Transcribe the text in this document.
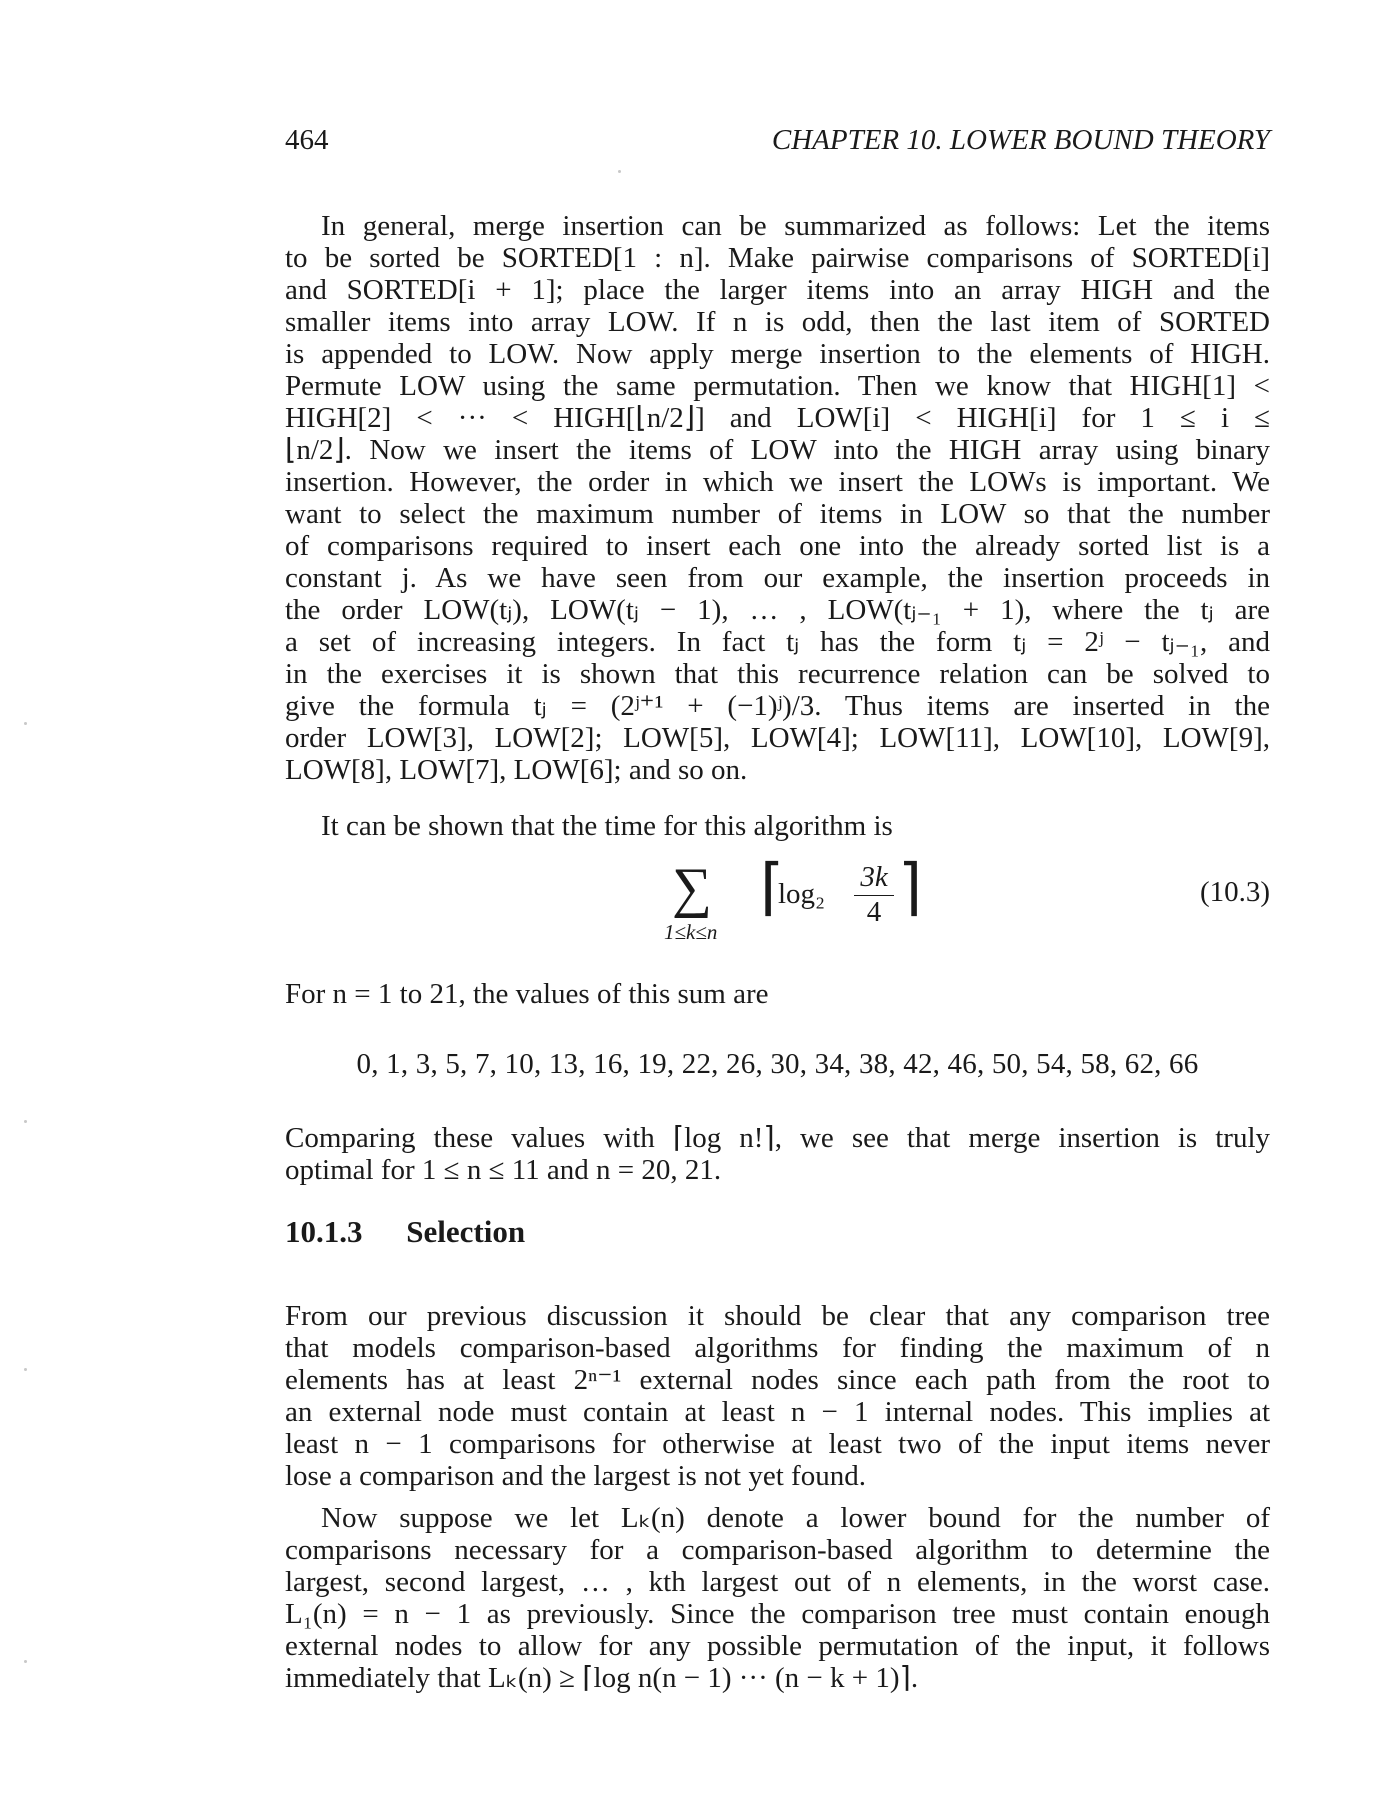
464	CHAPTER 10. LOWER BOUND THEORY
In general, merge insertion can be summarized as follows: Let the items
to be sorted be SORTED[1 : n]. Make pairwise comparisons of SORTED[i]
and SORTED[i + 1]; place the larger items into an array HIGH and the
smaller items into array LOW. If n is odd, then the last item of SORTED
is appended to LOW. Now apply merge insertion to the elements of HIGH.
Permute LOW using the same permutation. Then we know that HIGH[1] <
HIGH[2] < ··· < HIGH[⌊n/2⌋] and LOW[i] < HIGH[i] for 1 ≤ i ≤
⌊n/2⌋. Now we insert the items of LOW into the HIGH array using binary
insertion. However, the order in which we insert the LOWs is important. We
want to select the maximum number of items in LOW so that the number
of comparisons required to insert each one into the already sorted list is a
constant j. As we have seen from our example, the insertion proceeds in
the order LOW(tⱼ), LOW(tⱼ − 1), … , LOW(tⱼ₋₁ + 1), where the tⱼ are
a set of increasing integers. In fact tⱼ has the form tⱼ = 2ʲ − tⱼ₋₁, and
in the exercises it is shown that this recurrence relation can be solved to
give the formula tⱼ = (2ʲ⁺¹ + (−1)ʲ)/3. Thus items are inserted in the
order LOW[3], LOW[2]; LOW[5], LOW[4]; LOW[11], LOW[10], LOW[9],
LOW[8], LOW[7], LOW[6]; and so on.
It can be shown that the time for this algorithm is
∑
1≤k≤n
⌈
log₂
3k
4 ⌉	(10.3)
For n = 1 to 21, the values of this sum are
0, 1, 3, 5, 7, 10, 13, 16, 19, 22, 26, 30, 34, 38, 42, 46, 50, 54, 58, 62, 66
Comparing these values with ⌈log n!⌉, we see that merge insertion is truly
optimal for 1 ≤ n ≤ 11 and n = 20, 21.
10.1.3 Selection
From our previous discussion it should be clear that any comparison tree
that models comparison-based algorithms for finding the maximum of n
elements has at least 2ⁿ⁻¹ external nodes since each path from the root to
an external node must contain at least n − 1 internal nodes. This implies at
least n − 1 comparisons for otherwise at least two of the input items never
lose a comparison and the largest is not yet found.
Now suppose we let Lₖ(n) denote a lower bound for the number of
comparisons necessary for a comparison-based algorithm to determine the
largest, second largest, … , kth largest out of n elements, in the worst case.
L₁(n) = n − 1 as previously. Since the comparison tree must contain enough
external nodes to allow for any possible permutation of the input, it follows
immediately that Lₖ(n) ≥ ⌈log n(n − 1) ··· (n − k + 1)⌉.
